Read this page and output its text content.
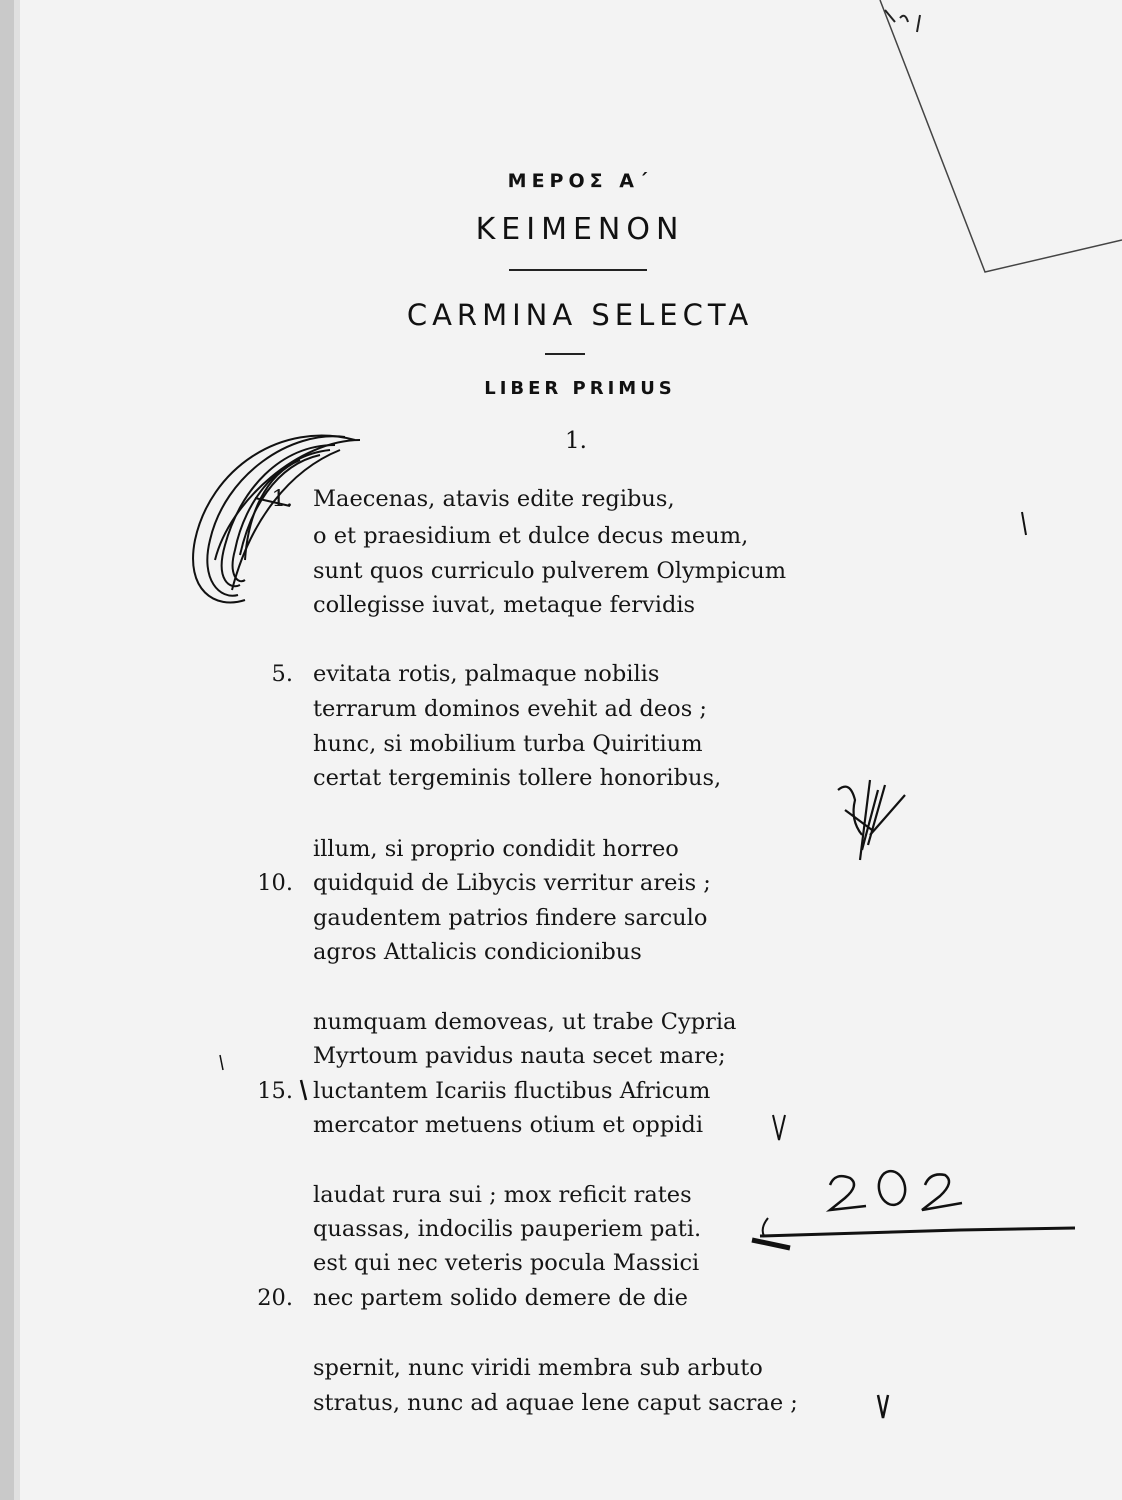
ΜΕΡΟΣ Α΄
ΚΕΙΜΕΝΟΝ
CARMINA SELECTA
LIBER PRIMUS
1.
1. Maecenas, atavis edite regibus,
o et praesidium et dulce decus meum,
sunt quos curriculo pulverem Olympicum
collegisse iuvat, metaque fervidis
5. evitata rotis, palmaque nobilis
terrarum dominos evehit ad deos ;
hunc, si mobilium turba Quiritium
certat tergeminis tollere honoribus,
illum, si proprio condidit horreo
10. quidquid de Libycis verritur areis ;
gaudentem patrios findere sarculo
agros Attalicis condicionibus
numquam demoveas, ut trabe Cypria
Myrtoum pavidus nauta secet mare;
15. luctantem Icariis fluctibus Africum
mercator metuens otium et oppidi
laudat rura sui ; mox reficit rates
quassas, indocilis pauperiem pati.
est qui nec veteris pocula Massici
20. nec partem solido demere de die
spernit, nunc viridi membra sub arbuto
stratus, nunc ad aquae lene caput sacrae ;
